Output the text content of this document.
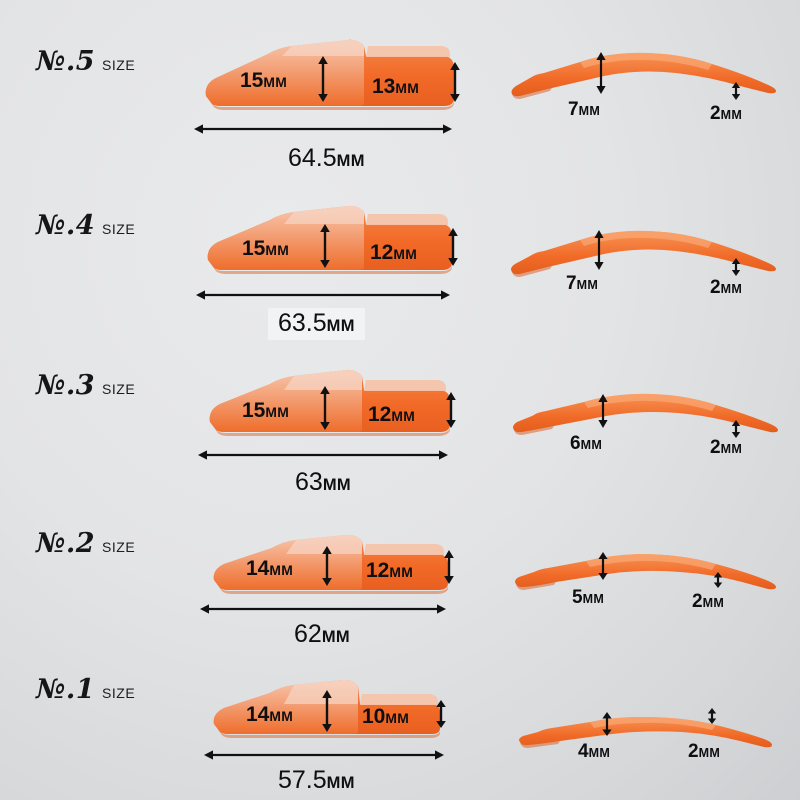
№.5 SIZE
15MM	13MM
64.5MM
7MM	2MM
№.4 SIZE
15MM	12MM
63.5MM
7MM	2MM
№.3 SIZE
15MM	12MM
63MM
6MM	2MM
№.2 SIZE
14MM	12MM
62MM
5MM	2MM
№.1 SIZE
14MM	10MM
57.5MM
4MM	2MM
